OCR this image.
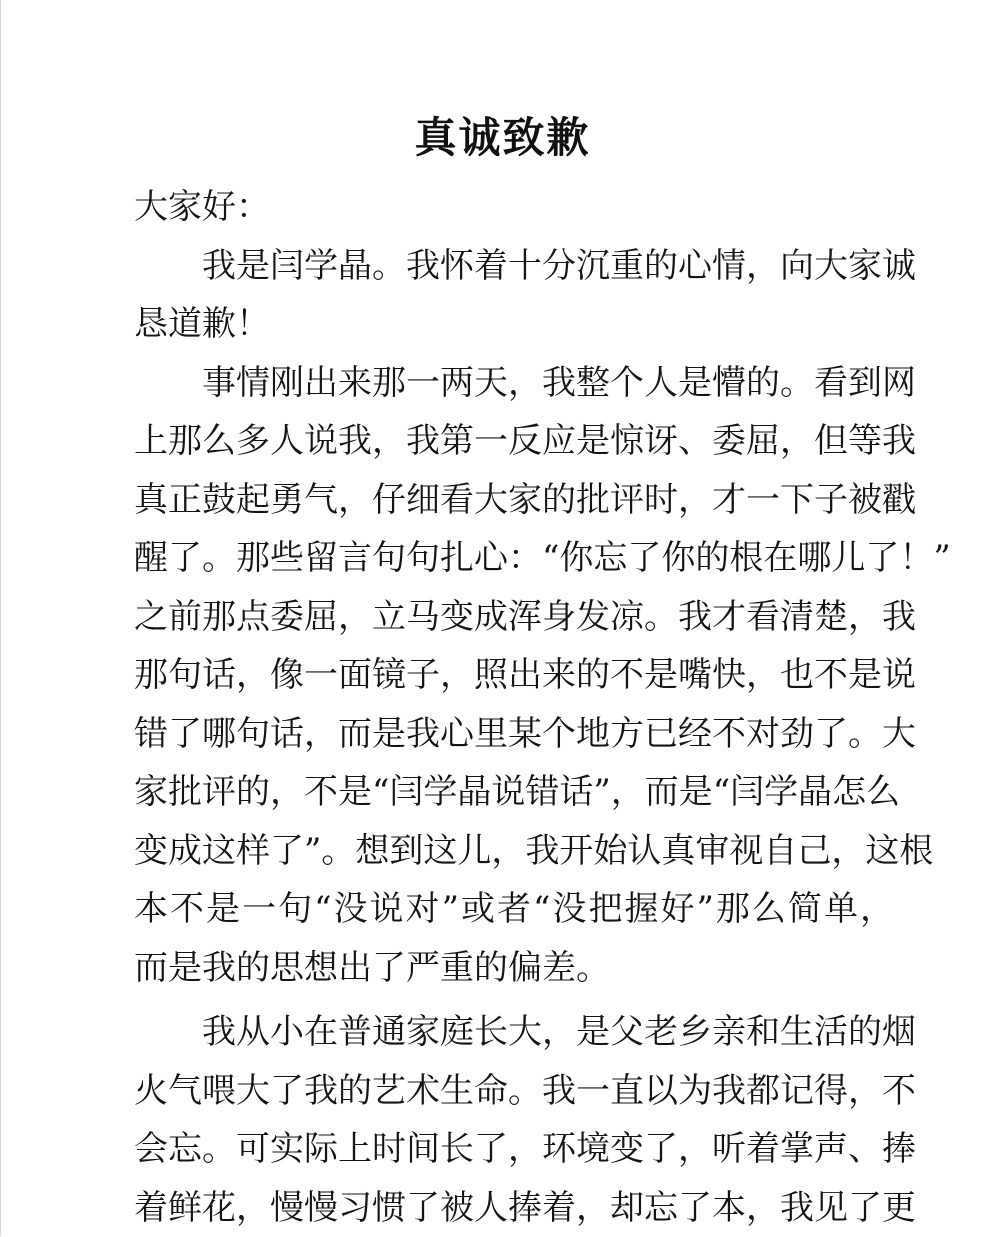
真诚致歉
大家好：
我是闫学晶。我怀着十分沉重的心情，向大家诚
恳道歉！
事情刚出来那一两天，我整个人是懵的。看到网
上那么多人说我，我第一反应是惊讶、委屈，但等我
真正鼓起勇气，仔细看大家的批评时，才一下子被戳
醒了。那些留言句句扎心：“你忘了你的根在哪儿了！”
之前那点委屈，立马变成浑身发凉。我才看清楚，我
那句话，像一面镜子，照出来的不是嘴快，也不是说
错了哪句话，而是我心里某个地方已经不对劲了。大
家批评的，不是“闫学晶说错话”，而是“闫学晶怎么
变成这样了”。想到这儿，我开始认真审视自己，这根
本不是一句“没说对”或者“没把握好”那么简单，
而是我的思想出了严重的偏差。
我从小在普通家庭长大，是父老乡亲和生活的烟
火气喂大了我的艺术生命。我一直以为我都记得，不
会忘。可实际上时间长了，环境变了，听着掌声、捧
着鲜花，慢慢习惯了被人捧着，却忘了本，我见了更
